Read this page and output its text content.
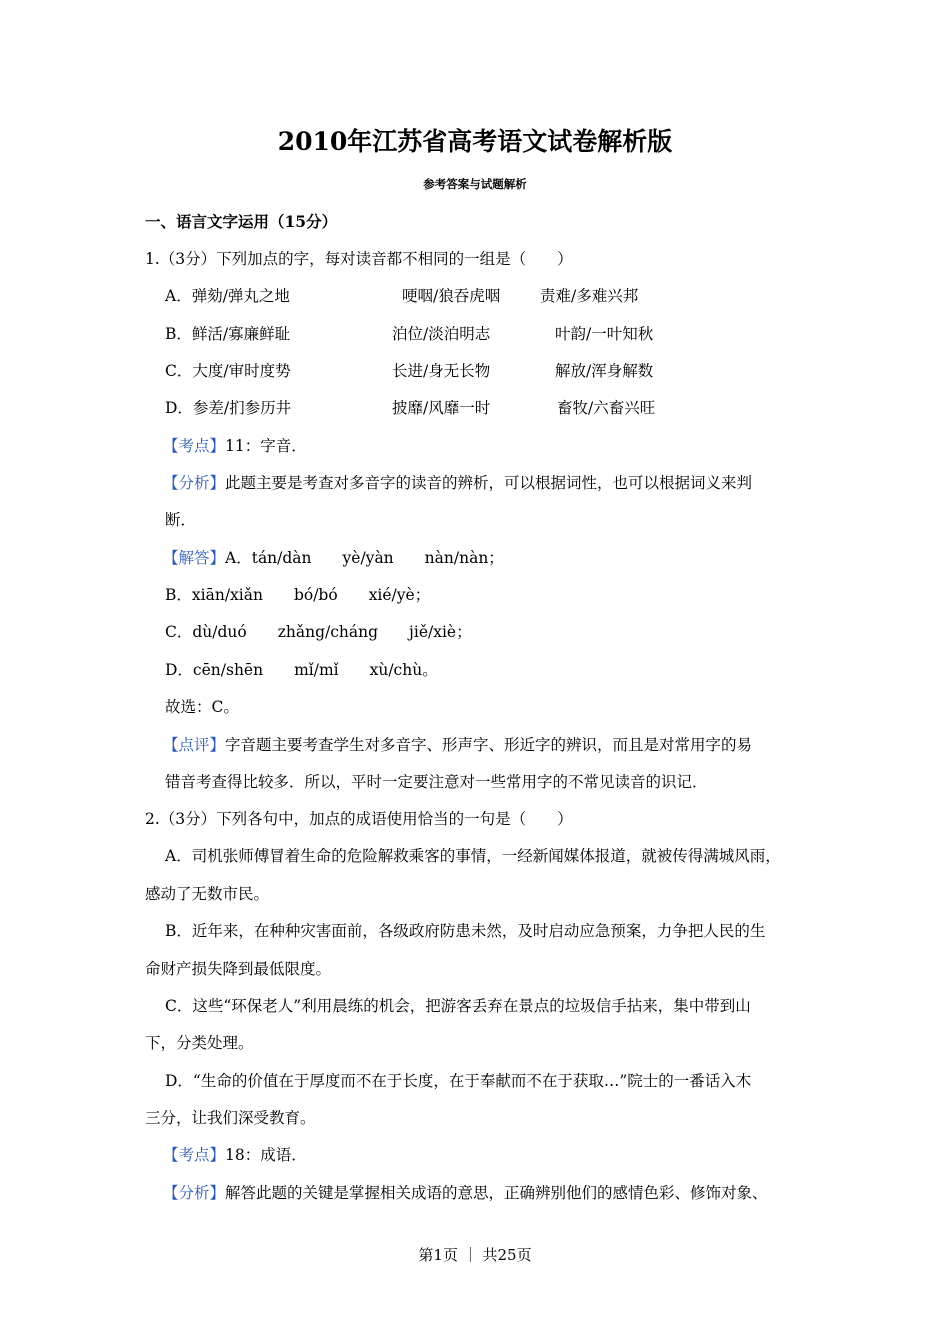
2010年江苏省高考语文试卷解析版
参考答案与试题解析
一、语言文字运用（15分）
1.（3分）下列加点的字，每对读音都不相同的一组是（　　）
A．弹劾/弹丸之地	哽咽/狼吞虎咽	责难/多难兴邦
B．鲜活/寡廉鲜耻	泊位/淡泊明志	叶韵/一叶知秋
C．大度/审时度势	长进/身无长物	解放/浑身解数
D．参差/扪参历井	披靡/风靡一时	畜牧/六畜兴旺
【考点】11：字音．
【分析】此题主要是考查对多音字的读音的辨析，可以根据词性，也可以根据词义来判
断．
【解答】A．tán/dàn　　yè/yàn　　nàn/nàn；
B．xiān/xiǎn　　bó/bó　　xié/yè；
C．dù/duó　　zhǎng/cháng　　jiě/xiè；
D．cēn/shēn　　mǐ/mǐ　　xù/chù。
故选：C。
【点评】字音题主要考查学生对多音字、形声字、形近字的辨识，而且是对常用字的易
错音考查得比较多．所以，平时一定要注意对一些常用字的不常见读音的识记．
2.（3分）下列各句中，加点的成语使用恰当的一句是（　　）
A．司机张师傅冒着生命的危险解救乘客的事情，一经新闻媒体报道，就被传得满城风雨，
感动了无数市民。
B．近年来，在种种灾害面前，各级政府防患未然，及时启动应急预案，力争把人民的生
命财产损失降到最低限度。
C．这些“环保老人”利用晨练的机会，把游客丢弃在景点的垃圾信手拈来，集中带到山
下，分类处理。
D．“生命的价值在于厚度而不在于长度，在于奉献而不在于获取…”院士的一番话入木
三分，让我们深受教育。
【考点】18：成语．
【分析】解答此题的关键是掌握相关成语的意思，正确辨别他们的感情色彩、修饰对象、
第1页 ｜ 共25页
